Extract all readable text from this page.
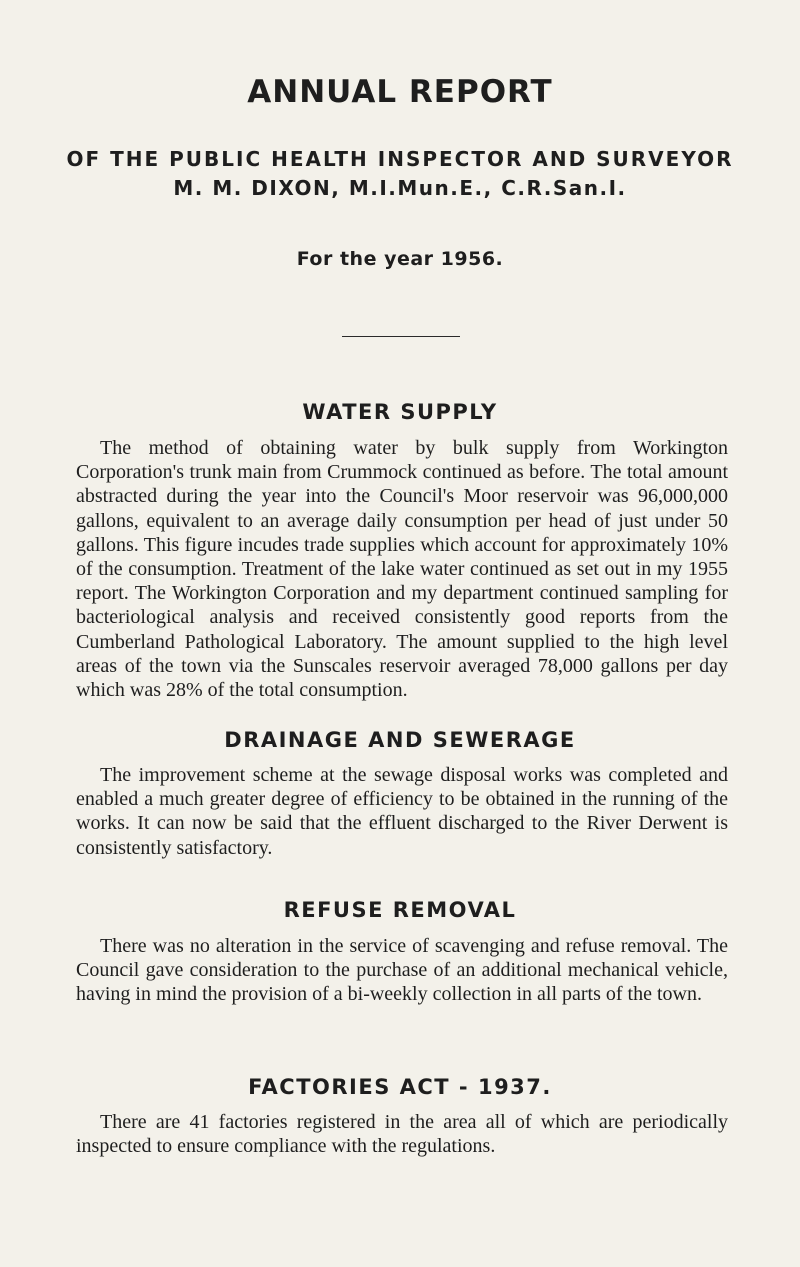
ANNUAL REPORT
OF THE PUBLIC HEALTH INSPECTOR AND SURVEYOR
M. M. DIXON, M.I.Mun.E., C.R.San.I.
For the year 1956.
WATER SUPPLY

The method of obtaining water by bulk supply from Workington Corporation's trunk main from Crummock continued as before. The total amount abstracted during the year into the Council's Moor reservoir was 96,000,000 gallons, equivalent to an average daily consumption per head of just under 50 gallons. This figure incudes trade supplies which account for approximately 10% of the consumption. Treatment of the lake water continued as set out in my 1955 report. The Workington Corporation and my department continued sampling for bacteriological analysis and received consistently good reports from the Cumberland Pathological Laboratory. The amount supplied to the high level areas of the town via the Sunscales reservoir averaged 78,000 gallons per day which was 28% of the total consumption.

DRAINAGE AND SEWERAGE

The improvement scheme at the sewage disposal works was completed and enabled a much greater degree of efficiency to be obtained in the running of the works. It can now be said that the effluent discharged to the River Derwent is consistently satisfactory.

REFUSE REMOVAL

There was no alteration in the service of scavenging and refuse removal. The Council gave consideration to the purchase of an additional mechanical vehicle, having in mind the provision of a bi-weekly collection in all parts of the town.

FACTORIES ACT - 1937.

There are 41 factories registered in the area all of which are periodically inspected to ensure compliance with the regulations.
